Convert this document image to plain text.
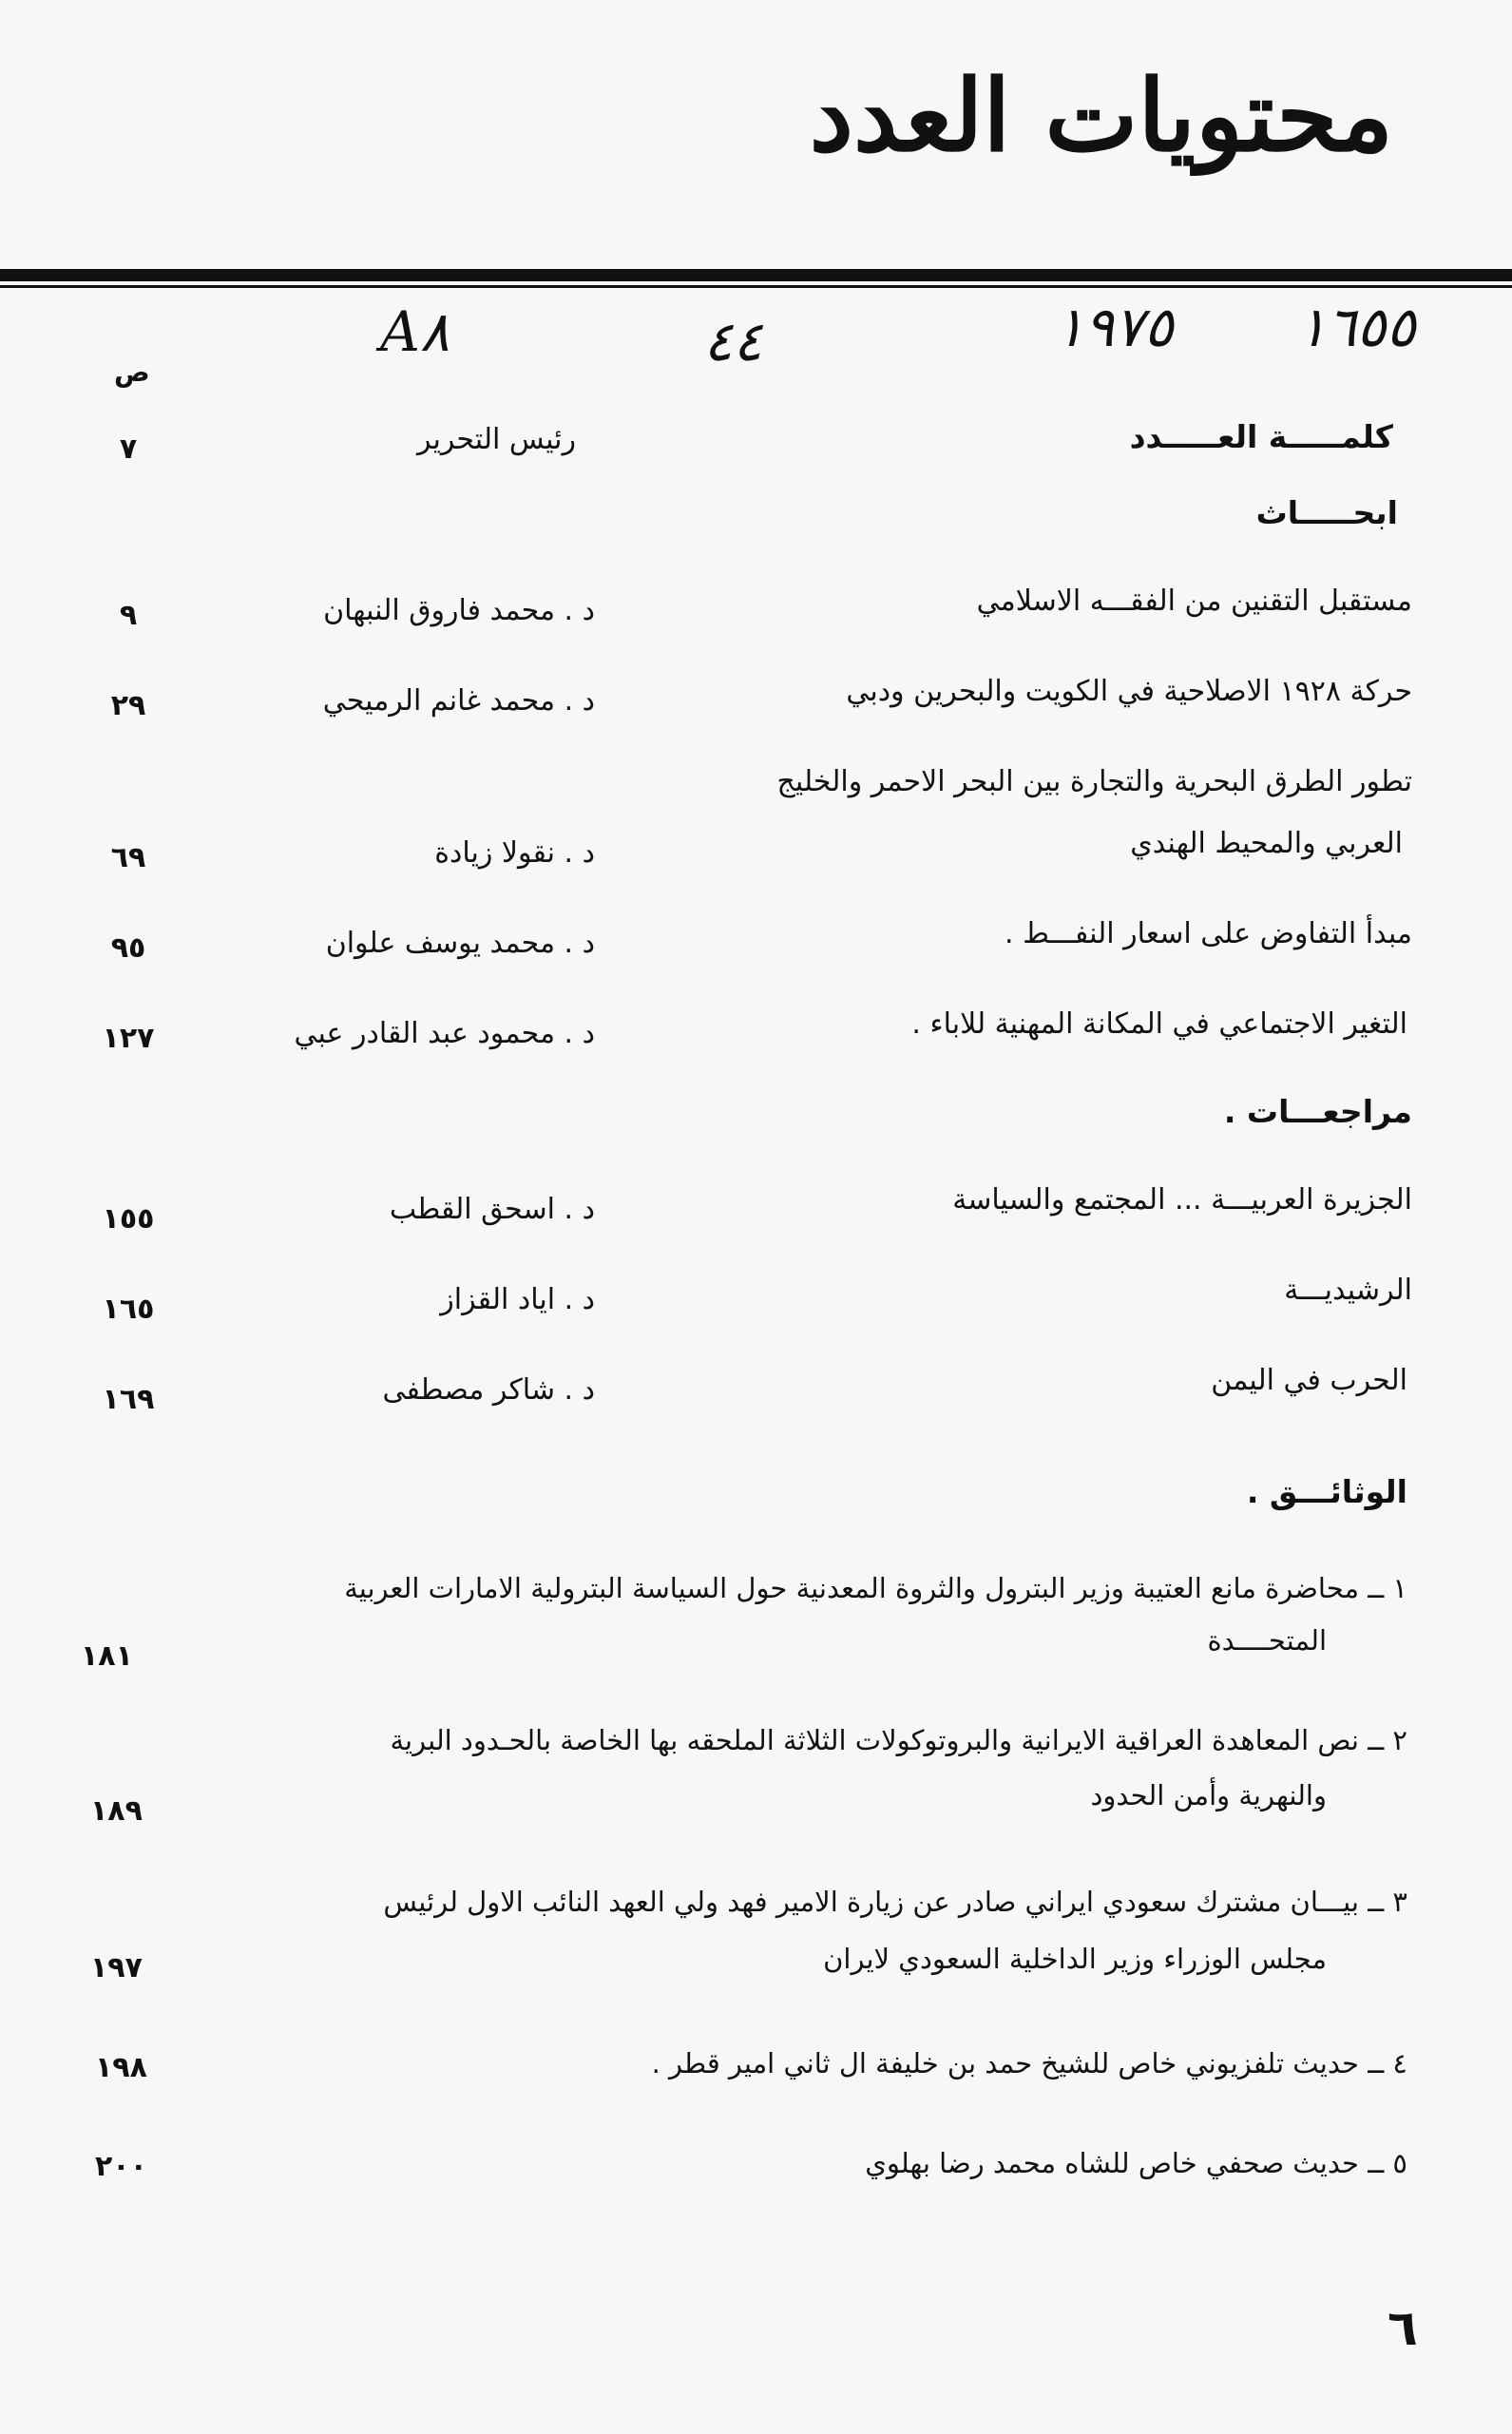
محتويات العدد
A٨	٤٤	١٩٧٥ ١٦٥٥
ص
كلمـــــة العـــــدد
رئيس التحرير
٧
ابحـــــاث
مستقبل التقنين من الفقـــه الاسلامي
د . محمد فاروق النبهان
٩
حركة ١٩٢٨ الاصلاحية في الكويت والبحرين ودبي
د . محمد غانم الرميحي
٢٩
تطور الطرق البحرية والتجارة بين البحر الاحمر والخليج
العربي والمحيط الهندي
د . نقولا زيادة
٦٩
مبدأ التفاوض على اسعار النفـــط .
د . محمد يوسف علوان
٩٥
التغير الاجتماعي في المكانة المهنية للاباء .
د . محمود عبد القادر عبي
١٢٧
مراجعـــات .
الجزيرة العربيـــة ... المجتمع والسياسة
د . اسحق القطب
١٥٥
الرشيديـــة
د . اياد القزاز
١٦٥
الحرب في اليمن
د . شاكر مصطفى
١٦٩
الوثائـــق .
١ ــ محاضرة مانع العتيبة وزير البترول والثروة المعدنية حول السياسة البترولية الامارات العربية
المتحــــدة
١٨١
٢ ــ نص المعاهدة العراقية الايرانية والبروتوكولات الثلاثة الملحقه بها الخاصة بالحـدود البرية
والنهرية وأمن الحدود
١٨٩
٣ ــ بيـــان مشترك سعودي ايراني صادر عن زيارة الامير فهد ولي العهد النائب الاول لرئيس
مجلس الوزراء وزير الداخلية السعودي لايران
١٩٧
٤ ــ حديث تلفزيوني خاص للشيخ حمد بن خليفة ال ثاني امير قطر .
١٩٨
٥ ــ حديث صحفي خاص للشاه محمد رضا بهلوي
٢٠٠
٦
